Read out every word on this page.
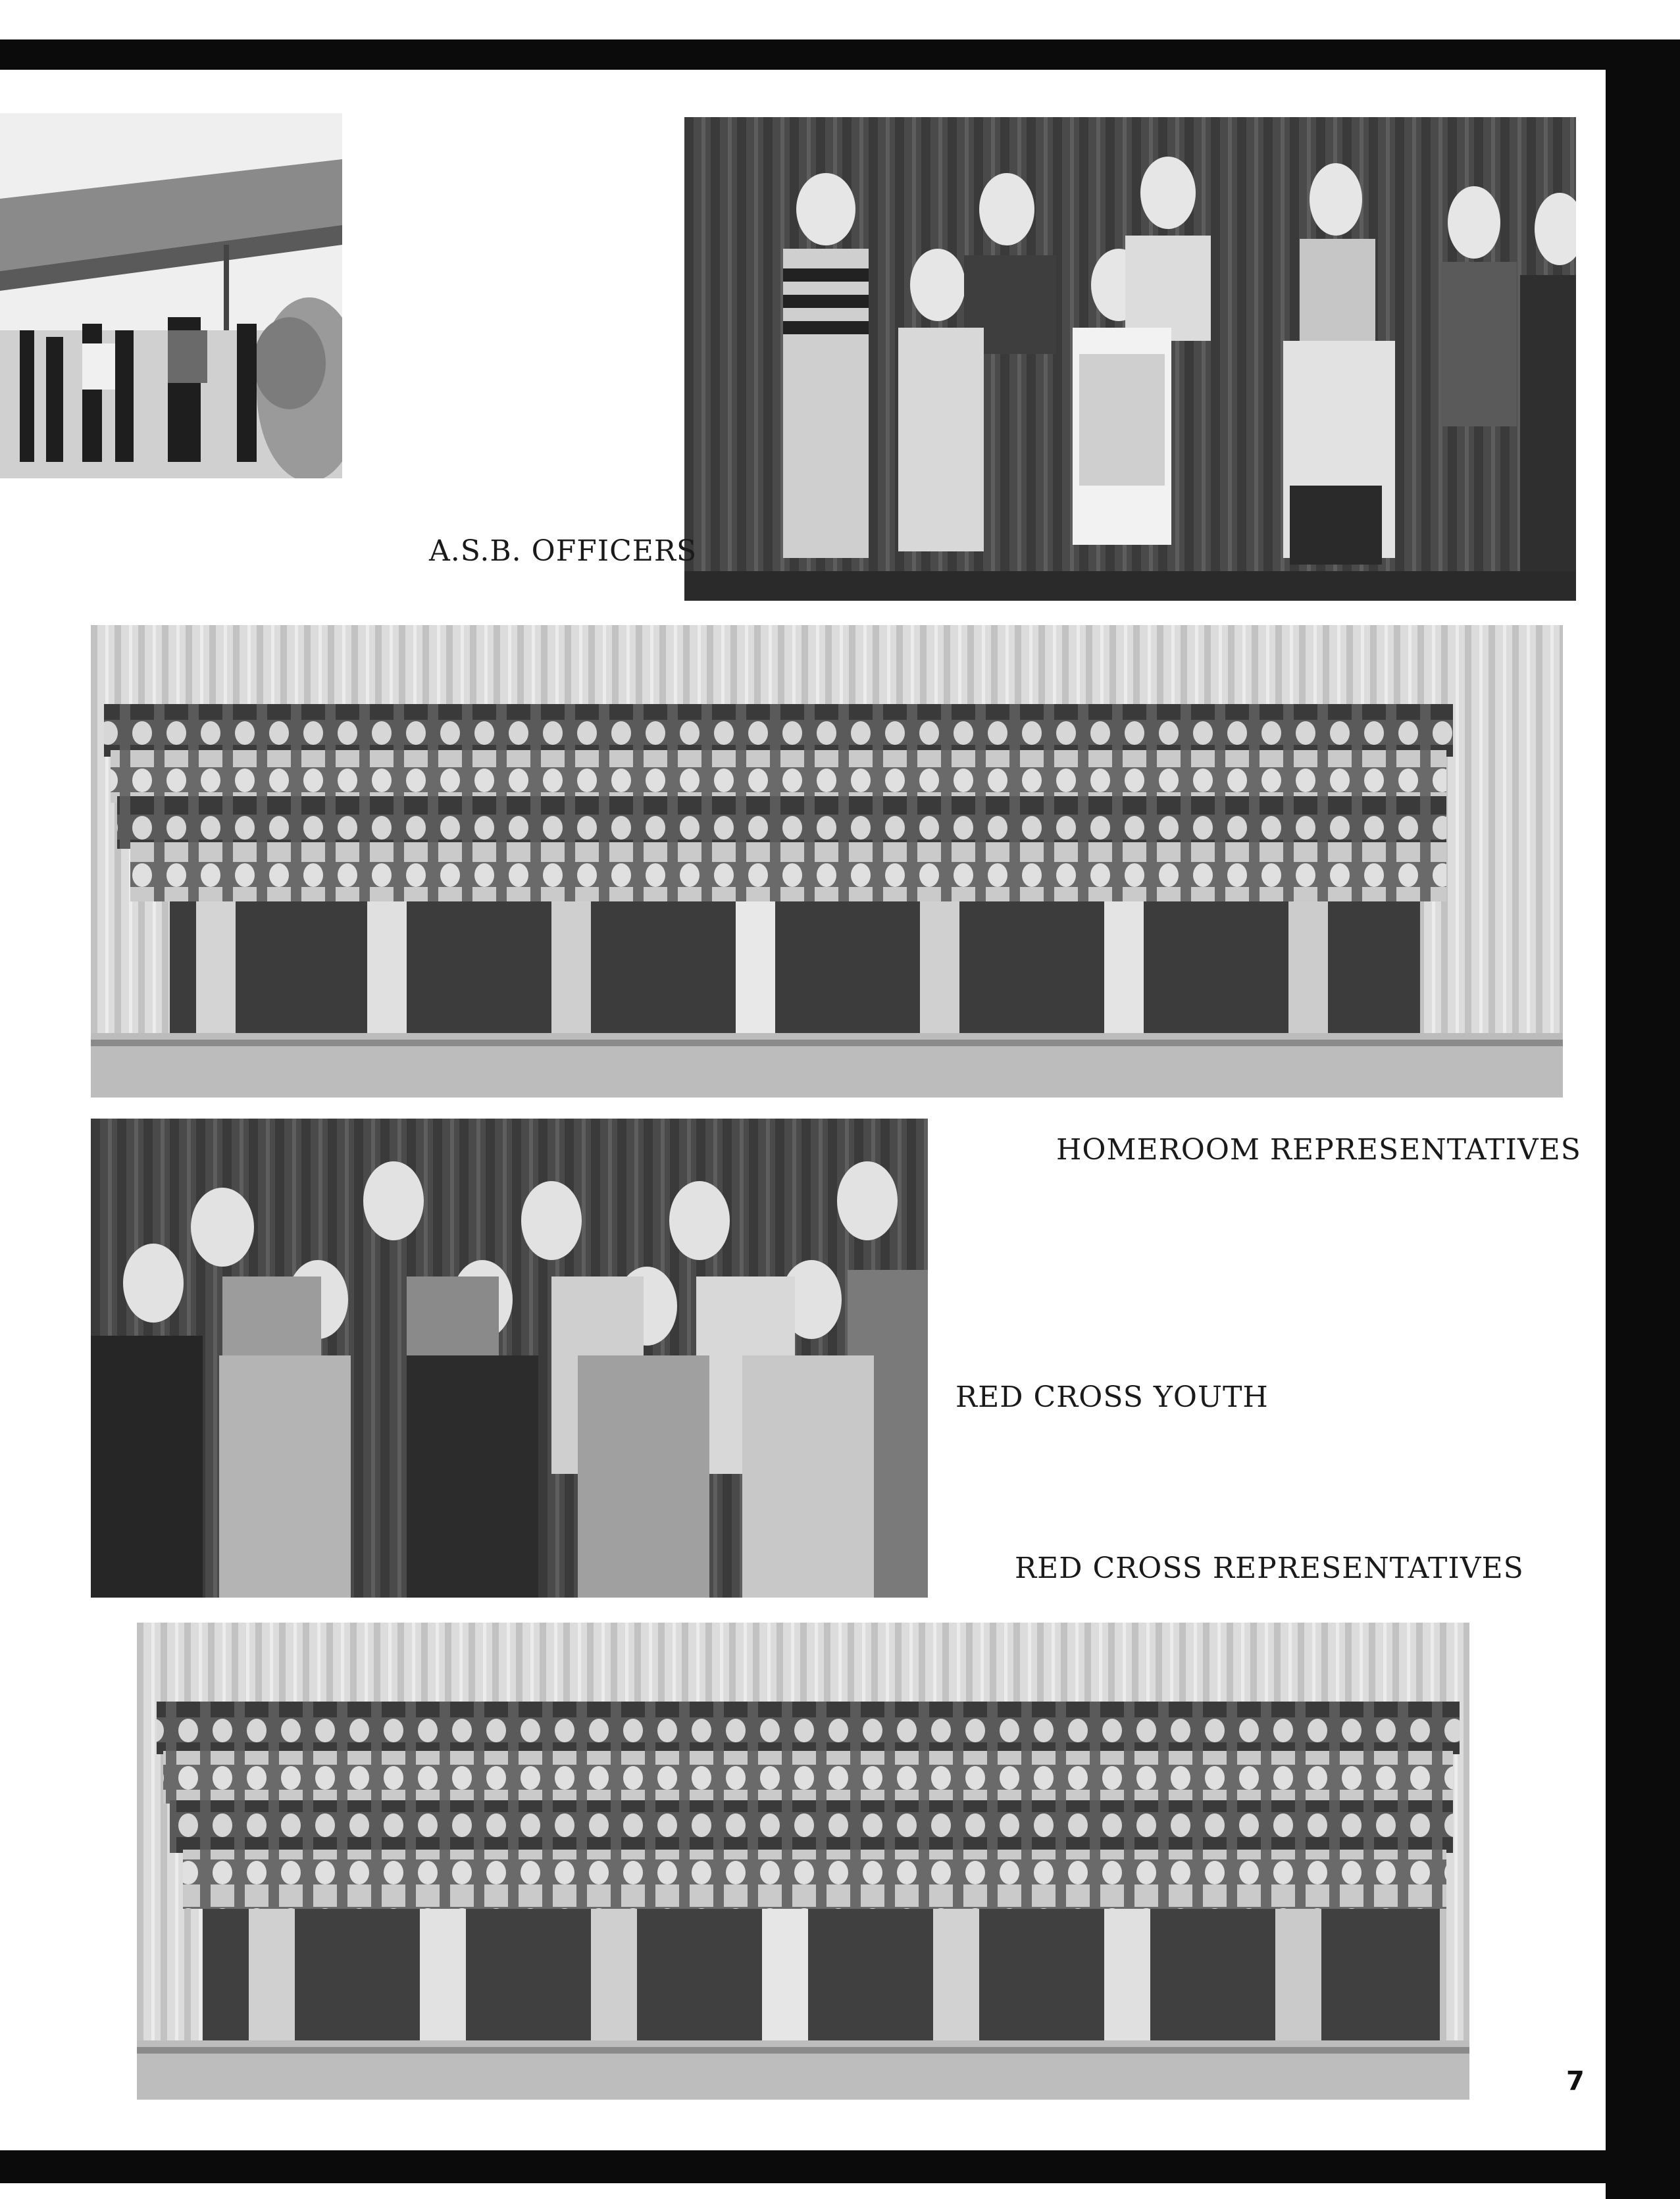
A.S.B. OFFICERS
HOMEROOM REPRESENTATIVES
RED CROSS YOUTH
RED CROSS REPRESENTATIVES
7
